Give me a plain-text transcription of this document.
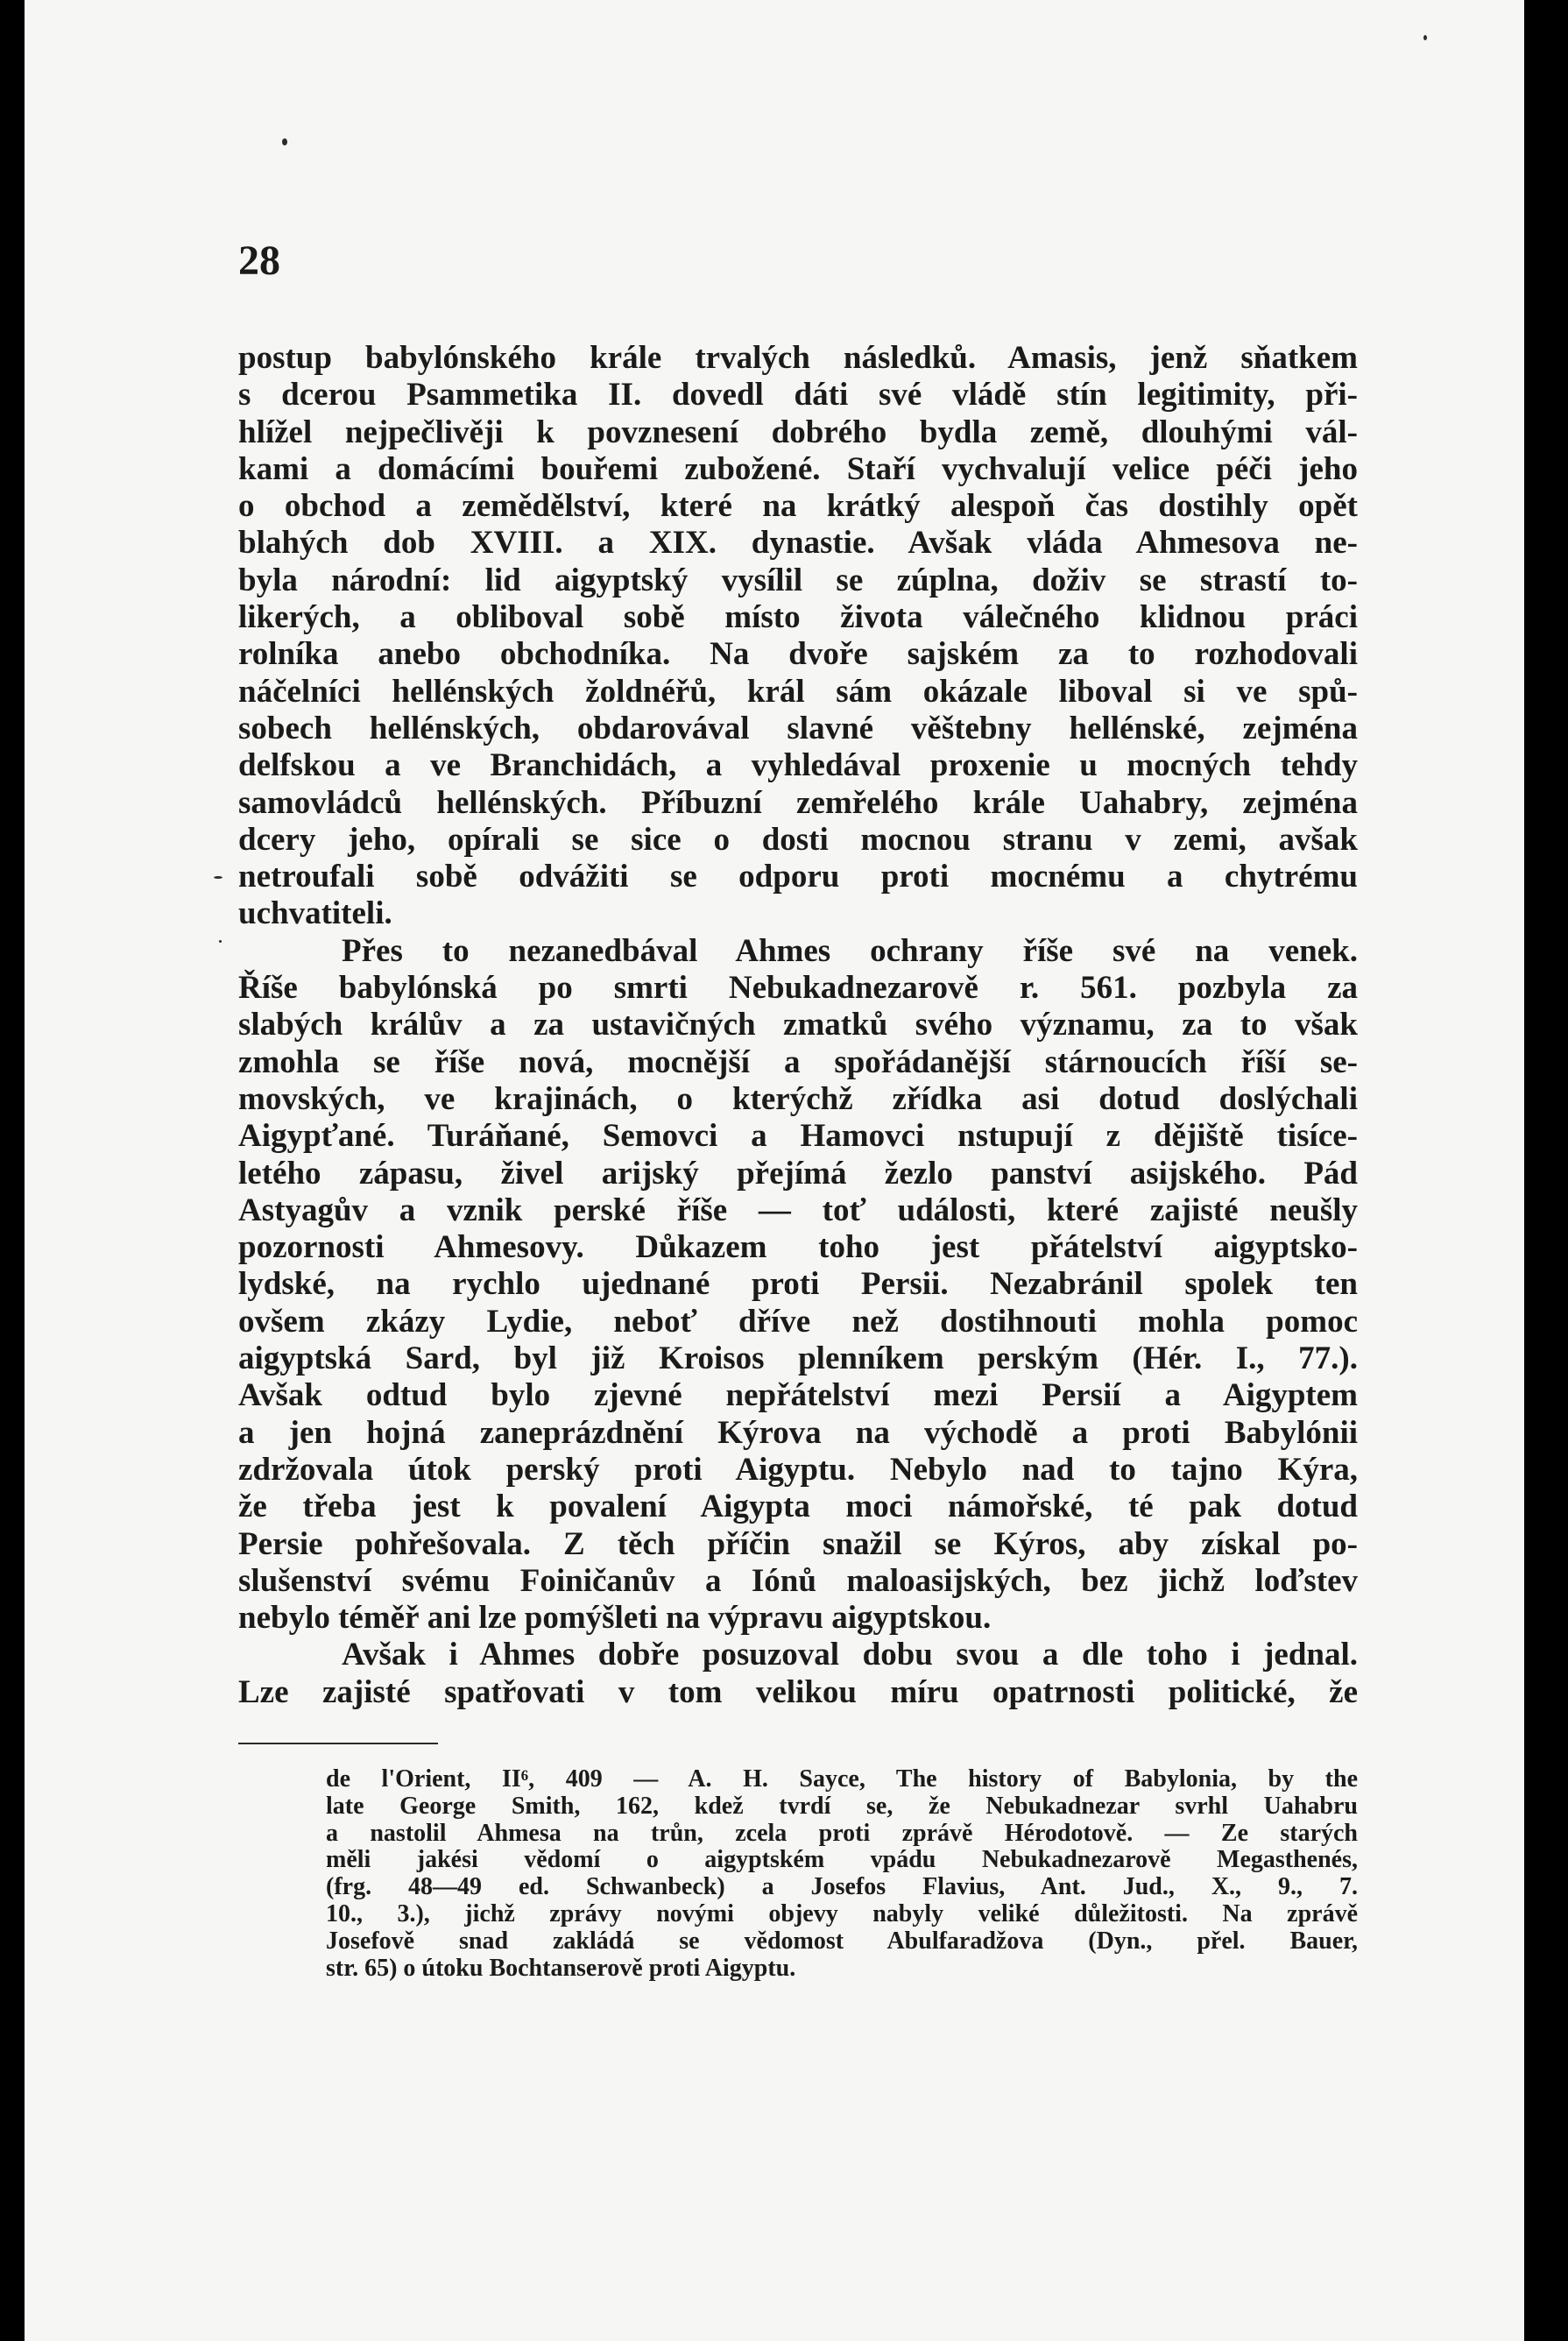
28
postup babylónského krále trvalých následků. Amasis, jenž sňatkem
s dcerou Psammetika II. dovedl dáti své vládě stín legitimity, při-
hlížel nejpečlivěji k povznesení dobrého bydla země, dlouhými vál-
kami a domácími bouřemi zubožené. Staří vychvalují velice péči jeho
o obchod a zemědělství, které na krátký alespoň čas dostihly opět
blahých dob XVIII. a XIX. dynastie. Avšak vláda Ahmesova ne-
byla národní: lid aigyptský vysílil se zúplna, doživ se strastí to-
likerých, a obliboval sobě místo života válečného klidnou práci
rolníka anebo obchodníka. Na dvoře sajském za to rozhodovali
náčelníci hellénských žoldnéřů, král sám okázale liboval si ve spů-
sobech hellénských, obdarovával slavné věštebny hellénské, zejména
delfskou a ve Branchidách, a vyhledával proxenie u mocných tehdy
samovládců hellénských. Příbuzní zemřelého krále Uahabry, zejména
dcery jeho, opírali se sice o dosti mocnou stranu v zemi, avšak
netroufali sobě odvážiti se odporu proti mocnému a chytrému
uchvatiteli.
Přes to nezanedbával Ahmes ochrany říše své na venek.
Říše babylónská po smrti Nebukadnezarově r. 561. pozbyla za
slabých králův a za ustavičných zmatků svého významu, za to však
zmohla se říše nová, mocnější a spořádanější stárnoucích říší se-
movských, ve krajinách, o kterýchž zřídka asi dotud doslýchali
Aigypťané. Turáňané, Semovci a Hamovci nstupují z dějiště tisíce-
letého zápasu, živel arijský přejímá žezlo panství asijského. Pád
Astyagův a vznik perské říše — toť události, které zajisté neušly
pozornosti Ahmesovy. Důkazem toho jest přátelství aigyptsko-
lydské, na rychlo ujednané proti Persii. Nezabránil spolek ten
ovšem zkázy Lydie, neboť dříve než dostihnouti mohla pomoc
aigyptská Sard, byl již Kroisos plenníkem perským (Hér. I., 77.).
Avšak odtud bylo zjevné nepřátelství mezi Persií a Aigyptem
a jen hojná zaneprázdnění Kýrova na východě a proti Babylónii
zdržovala útok perský proti Aigyptu. Nebylo nad to tajno Kýra,
že třeba jest k povalení Aigypta moci námořské, té pak dotud
Persie pohřešovala. Z těch příčin snažil se Kýros, aby získal po-
slušenství svému Foiničanův a Iónů maloasijských, bez jichž loďstev
nebylo téměř ani lze pomýšleti na výpravu aigyptskou.
Avšak i Ahmes dobře posuzoval dobu svou a dle toho i jednal.
Lze zajisté spatřovati v tom velikou míru opatrnosti politické, že
de l'Orient, II⁶, 409 — A. H. Sayce, The history of Babylonia, by the
late George Smith, 162, kdež tvrdí se, že Nebukadnezar svrhl Uahabru
a nastolil Ahmesa na trůn, zcela proti zprávě Hérodotově. — Ze starých
měli jakési vědomí o aigyptském vpádu Nebukadnezarově Megasthenés,
(frg. 48—49 ed. Schwanbeck) a Josefos Flavius, Ant. Jud., X., 9., 7.
10., 3.), jichž zprávy novými objevy nabyly veliké důležitosti. Na zprávě
Josefově snad zakládá se vědomost Abulfaradžova (Dyn., přel. Bauer,
str. 65) o útoku Bochtanserově proti Aigyptu.
